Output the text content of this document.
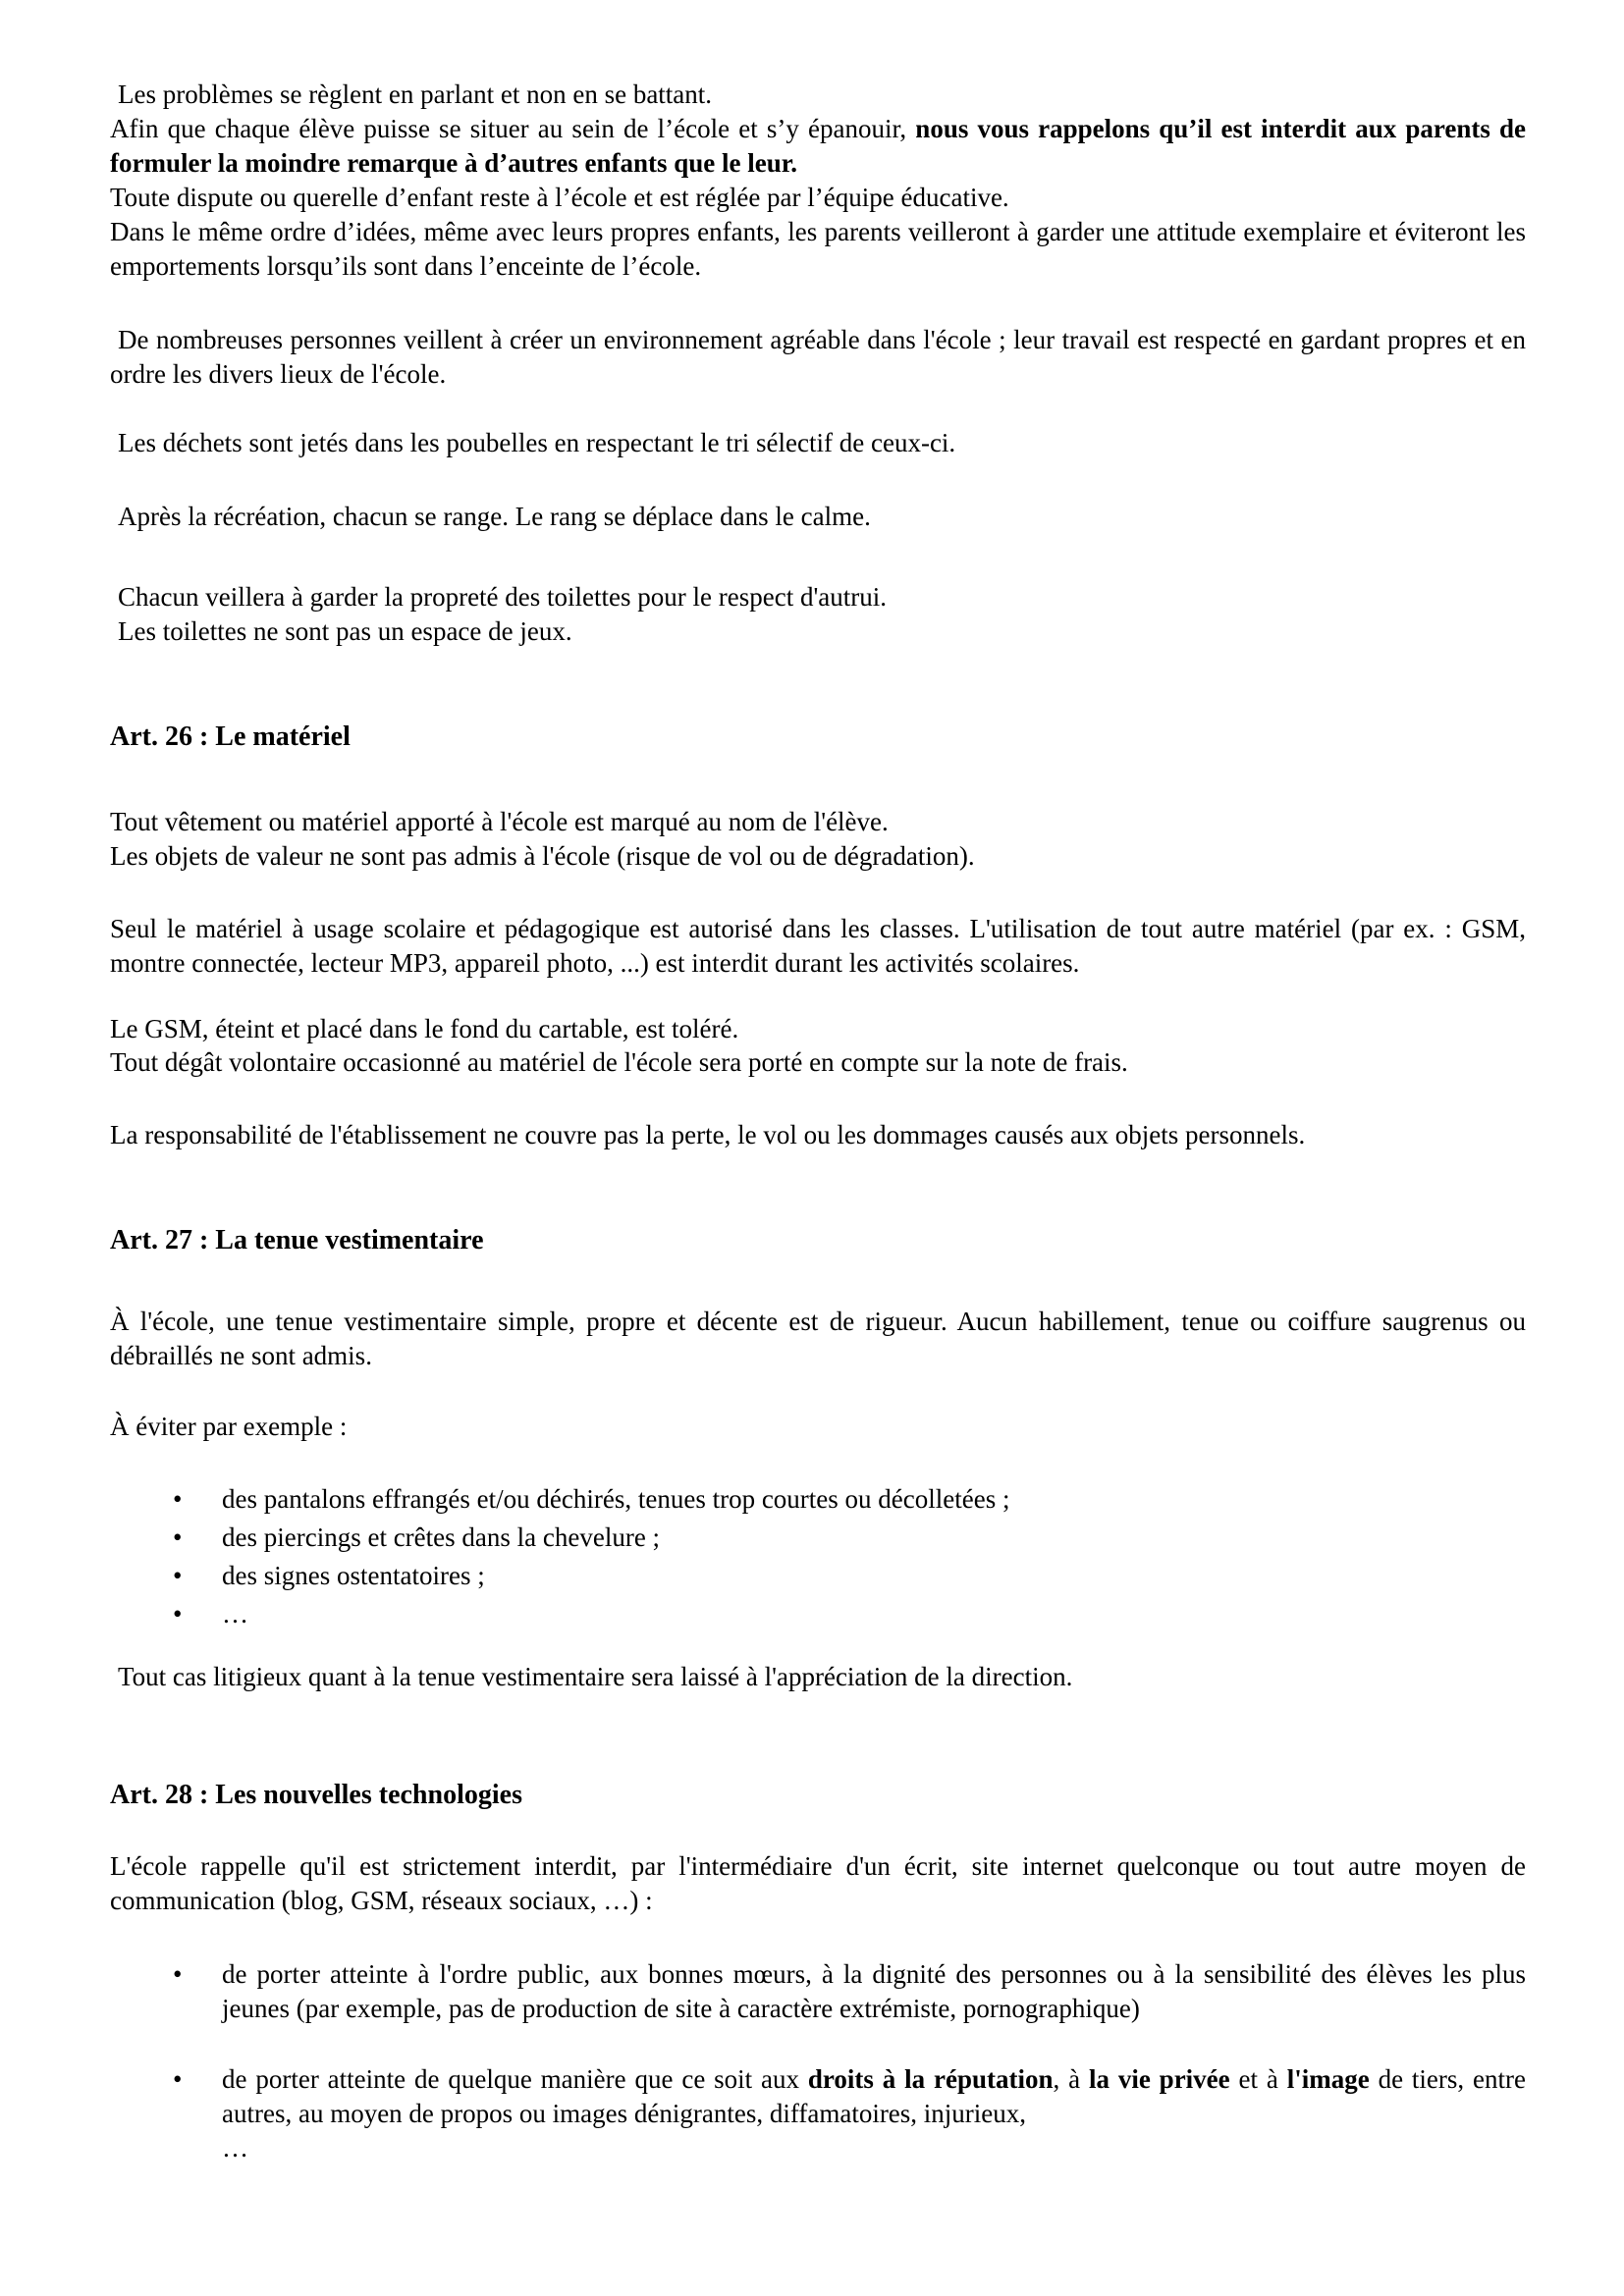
Les problèmes se règlent en parlant et non en se battant.

Afin que chaque élève puisse se situer au sein de l’école et s’y épanouir, nous vous rappelons qu’il est interdit aux parents de formuler la moindre remarque à d’autres enfants que le leur.

Toute dispute ou querelle d’enfant reste à l’école et est réglée par l’équipe éducative.

Dans le même ordre d’idées, même avec leurs propres enfants, les parents veilleront à garder une attitude exemplaire et éviteront les emportements lorsqu’ils sont dans l’enceinte de l’école.

De nombreuses personnes veillent à créer un environnement agréable dans l'école ; leur travail est respecté en gardant propres et en ordre les divers lieux de l'école.

Les déchets sont jetés dans les poubelles en respectant le tri sélectif de ceux-ci.

Après la récréation, chacun se range. Le rang se déplace dans le calme.

Chacun veillera à garder la propreté des toilettes pour le respect d'autrui.

Les toilettes ne sont pas un espace de jeux.

Art. 26 : Le matériel

Tout vêtement ou matériel apporté à l'école est marqué au nom de l'élève.

Les objets de valeur ne sont pas admis à l'école (risque de vol ou de dégradation).

Seul le matériel à usage scolaire et pédagogique est autorisé dans les classes. L'utilisation de tout autre matériel (par ex. : GSM, montre connectée, lecteur MP3, appareil photo, ...) est interdit durant les activités scolaires.

Le GSM, éteint et placé dans le fond du cartable, est toléré.

Tout dégât volontaire occasionné au matériel de l'école sera porté en compte sur la note de frais.

La responsabilité de l'établissement ne couvre pas la perte, le vol ou les dommages causés aux objets personnels.

Art. 27 : La tenue vestimentaire

À l'école, une tenue vestimentaire simple, propre et décente est de rigueur. Aucun habillement, tenue ou coiffure saugrenus ou débraillés ne sont admis.

À éviter par exemple :

•	des pantalons effrangés et/ou déchirés, tenues trop courtes ou décolletées ;
•	des piercings et crêtes dans la chevelure ;
•	des signes ostentatoires ;
•	…

Tout cas litigieux quant à la tenue vestimentaire sera laissé à l'appréciation de la direction.

Art. 28 : Les nouvelles technologies

L'école rappelle qu'il est strictement interdit, par l'intermédiaire d'un écrit, site internet quelconque ou tout autre moyen de communication (blog, GSM, réseaux sociaux, …) :

•	de porter atteinte à l'ordre public, aux bonnes mœurs, à la dignité des personnes ou à la sensibilité des élèves les plus jeunes (par exemple, pas de production de site à caractère extrémiste, pornographique)
•	de porter atteinte de quelque manière que ce soit aux droits à la réputation, à la vie privée et à l'image de tiers, entre autres, au moyen de propos ou images dénigrantes, diffamatoires, injurieux,
…
